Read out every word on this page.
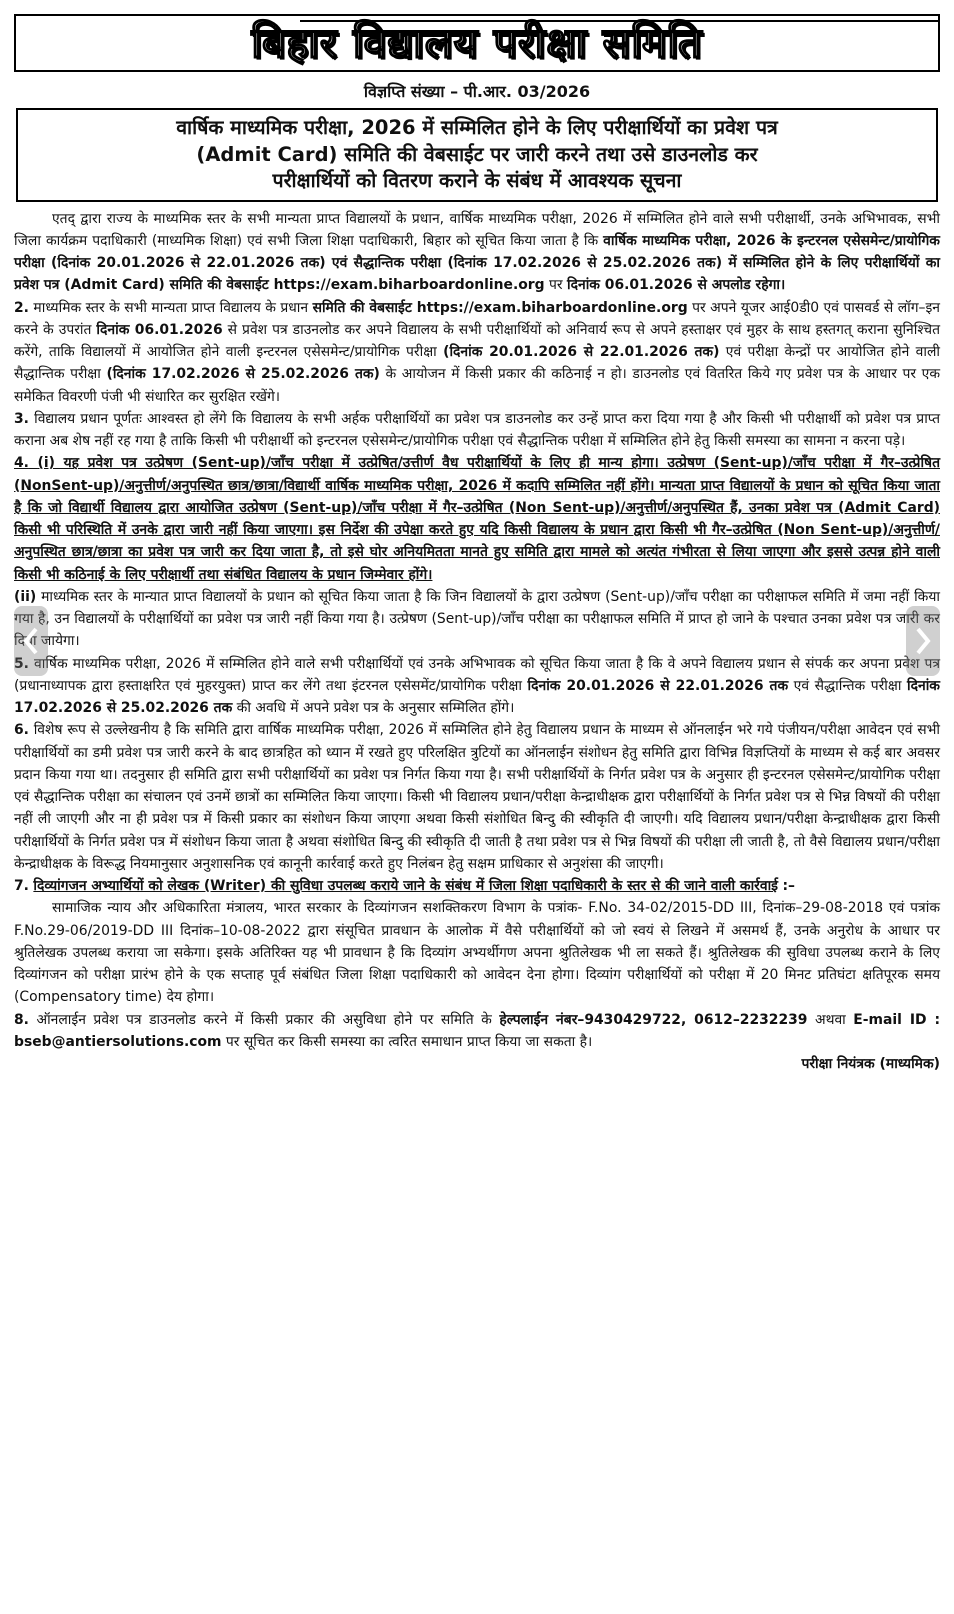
बिहार विद्यालय परीक्षा समिति
विज्ञप्ति संख्या – पी.आर. 03/2026
वार्षिक माध्यमिक परीक्षा, 2026 में सम्मिलित होने के लिए परीक्षार्थियों का प्रवेश पत्र
(Admit Card) समिति की वेबसाईट पर जारी करने तथा उसे डाउनलोड कर
परीक्षार्थियों को वितरण कराने के संबंध में आवश्यक सूचना

एतद् द्वारा राज्य के माध्यमिक स्तर के सभी मान्यता प्राप्त विद्यालयों के प्रधान, वार्षिक माध्यमिक परीक्षा, 2026 में सम्मिलित होने वाले सभी परीक्षार्थी, उनके अभिभावक, सभी जिला कार्यक्रम पदाधिकारी (माध्यमिक शिक्षा) एवं सभी जिला शिक्षा पदाधिकारी, बिहार को सूचित किया जाता है कि वार्षिक माध्यमिक परीक्षा, 2026 के इन्टरनल एसेसमेन्ट/प्रायोगिक परीक्षा (दिनांक 20.01.2026 से 22.01.2026 तक) एवं सैद्धान्तिक परीक्षा (दिनांक 17.02.2026 से 25.02.2026 तक) में सम्मिलित होने के लिए परीक्षार्थियों का प्रवेश पत्र (Admit Card) समिति की वेबसाईट https://exam.biharboardonline.org पर दिनांक 06.01.2026 से अपलोड रहेगा।

2. माध्यमिक स्तर के सभी मान्यता प्राप्त विद्यालय के प्रधान समिति की वेबसाईट https://exam.biharboardonline.org पर अपने यूजर आई0डी0 एवं पासवर्ड से लॉग–इन करने के उपरांत दिनांक 06.01.2026 से प्रवेश पत्र डाउनलोड कर अपने विद्यालय के सभी परीक्षार्थियों को अनिवार्य रूप से अपने हस्ताक्षर एवं मुहर के साथ हस्तगत् कराना सुनिश्चित करेंगे, ताकि विद्यालयों में आयोजित होने वाली इन्टरनल एसेसमेन्ट/प्रायोगिक परीक्षा (दिनांक 20.01.2026 से 22.01.2026 तक) एवं परीक्षा केन्द्रों पर आयोजित होने वाली सैद्धान्तिक परीक्षा (दिनांक 17.02.2026 से 25.02.2026 तक) के आयोजन में किसी प्रकार की कठिनाई न हो। डाउनलोड एवं वितरित किये गए प्रवेश पत्र के आधार पर एक समेकित विवरणी पंजी भी संधारित कर सुरक्षित रखेंगे।

3. विद्यालय प्रधान पूर्णतः आश्वस्त हो लेंगे कि विद्यालय के सभी अर्हक परीक्षार्थियों का प्रवेश पत्र डाउनलोड कर उन्हें प्राप्त करा दिया गया है और किसी भी परीक्षार्थी को प्रवेश पत्र प्राप्त कराना अब शेष नहीं रह गया है ताकि किसी भी परीक्षार्थी को इन्टरनल एसेसमेन्ट/प्रायोगिक परीक्षा एवं सैद्धान्तिक परीक्षा में सम्मिलित होने हेतु किसी समस्या का सामना न करना पड़े।

4. (i) यह प्रवेश पत्र उत्प्रेषण (Sent-up)/जाँच परीक्षा में उत्प्रेषित/उत्तीर्ण वैध परीक्षार्थियों के लिए ही मान्य होगा। उत्प्रेषण (Sent-up)/जाँच परीक्षा में गैर–उत्प्रेषित (NonSent-up)/अनुत्तीर्ण/अनुपस्थित छात्र/छात्रा/विद्यार्थी वार्षिक माध्यमिक परीक्षा, 2026 में कदापि सम्मिलित नहीं होंगे। मान्यता प्राप्त विद्यालयों के प्रधान को सूचित किया जाता है कि जो विद्यार्थी विद्यालय द्वारा आयोजित उत्प्रेषण (Sent-up)/जाँच परीक्षा में गैर–उत्प्रेषित (Non Sent-up)/अनुत्तीर्ण/अनुपस्थित हैं, उनका प्रवेश पत्र (Admit Card) किसी भी परिस्थिति में उनके द्वारा जारी नहीं किया जाएगा। इस निर्देश की उपेक्षा करते हुए यदि किसी विद्यालय के प्रधान द्वारा किसी भी गैर–उत्प्रेषित (Non Sent-up)/अनुत्तीर्ण/अनुपस्थित छात्र/छात्रा का प्रवेश पत्र जारी कर दिया जाता है, तो इसे घोर अनियमितता मानते हुए समिति द्वारा मामले को अत्यंत गंभीरता से लिया जाएगा और इससे उत्पन्न होने वाली किसी भी कठिनाई के लिए परीक्षार्थी तथा संबंधित विद्यालय के प्रधान जिम्मेवार होंगे।

(ii) माध्यमिक स्तर के मान्यात प्राप्त विद्यालयों के प्रधान को सूचित किया जाता है कि जिन विद्यालयों के द्वारा उत्प्रेषण (Sent-up)/जाँच परीक्षा का परीक्षाफल समिति में जमा नहीं किया गया है, उन विद्यालयों के परीक्षार्थियों का प्रवेश पत्र जारी नहीं किया गया है। उत्प्रेषण (Sent-up)/जाँच परीक्षा का परीक्षाफल समिति में प्राप्त हो जाने के पश्चात उनका प्रवेश पत्र जारी कर दिया जायेगा।

5. वार्षिक माध्यमिक परीक्षा, 2026 में सम्मिलित होने वाले सभी परीक्षार्थियों एवं उनके अभिभावक को सूचित किया जाता है कि वे अपने विद्यालय प्रधान से संपर्क कर अपना प्रवेश पत्र (प्रधानाध्यापक द्वारा हस्ताक्षरित एवं मुहरयुक्त) प्राप्त कर लेंगे तथा इंटरनल एसेसमेंट/प्रायोगिक परीक्षा दिनांक 20.01.2026 से 22.01.2026 तक एवं सैद्धान्तिक परीक्षा दिनांक 17.02.2026 से 25.02.2026 तक की अवधि में अपने प्रवेश पत्र के अनुसार सम्मिलित होंगे।

6. विशेष रूप से उल्लेखनीय है कि समिति द्वारा वार्षिक माध्यमिक परीक्षा, 2026 में सम्मिलित होने हेतु विद्यालय प्रधान के माध्यम से ऑनलाईन भरे गये पंजीयन/परीक्षा आवेदन एवं सभी परीक्षार्थियों का डमी प्रवेश पत्र जारी करने के बाद छात्रहित को ध्यान में रखते हुए परिलक्षित त्रुटियों का ऑनलाईन संशोधन हेतु समिति द्वारा विभिन्न विज्ञप्तियों के माध्यम से कई बार अवसर प्रदान किया गया था। तदनुसार ही समिति द्वारा सभी परीक्षार्थियों का प्रवेश पत्र निर्गत किया गया है। सभी परीक्षार्थियों के निर्गत प्रवेश पत्र के अनुसार ही इन्टरनल एसेसमेन्ट/प्रायोगिक परीक्षा एवं सैद्धान्तिक परीक्षा का संचालन एवं उनमें छात्रों का सम्मिलित किया जाएगा। किसी भी विद्यालय प्रधान/परीक्षा केन्द्राधीक्षक द्वारा परीक्षार्थियों के निर्गत प्रवेश पत्र से भिन्न विषयों की परीक्षा नहीं ली जाएगी और ना ही प्रवेश पत्र में किसी प्रकार का संशोधन किया जाएगा अथवा किसी संशोधित बिन्दु की स्वीकृति दी जाएगी। यदि विद्यालय प्रधान/परीक्षा केन्द्राधीक्षक द्वारा किसी परीक्षार्थियों के निर्गत प्रवेश पत्र में संशोधन किया जाता है अथवा संशोधित बिन्दु की स्वीकृति दी जाती है तथा प्रवेश पत्र से भिन्न विषयों की परीक्षा ली जाती है, तो वैसे विद्यालय प्रधान/परीक्षा केन्द्राधीक्षक के विरूद्ध नियमानुसार अनुशासनिक एवं कानूनी कार्रवाई करते हुए निलंबन हेतु सक्षम प्राधिकार से अनुशंसा की जाएगी।

7. दिव्यांगजन अभ्यार्थियों को लेखक (Writer) की सुविधा उपलब्ध कराये जाने के संबंध में जिला शिक्षा पदाधिकारी के स्तर से की जाने वाली कार्रवाई :–

सामाजिक न्याय और अधिकारिता मंत्रालय, भारत सरकार के दिव्यांगजन सशक्तिकरण विभाग के पत्रांक- F.No. 34-02/2015-DD III, दिनांक–29-08-2018 एवं पत्रांक F.No.29-06/2019-DD III दिनांक–10-08-2022 द्वारा संसूचित प्रावधान के आलोक में वैसे परीक्षार्थियों को जो स्वयं से लिखने में असमर्थ हैं, उनके अनुरोध के आधार पर श्रुतिलेखक उपलब्ध कराया जा सकेगा। इसके अतिरिक्त यह भी प्रावधान है कि दिव्यांग अभ्यर्थीगण अपना श्रुतिलेखक भी ला सकते हैं। श्रुतिलेखक की सुविधा उपलब्ध कराने के लिए दिव्यांगजन को परीक्षा प्रारंभ होने के एक सप्ताह पूर्व संबंधित जिला शिक्षा पदाधिकारी को आवेदन देना होगा। दिव्यांग परीक्षार्थियों को परीक्षा में 20 मिनट प्रतिघंटा क्षतिपूरक समय (Compensatory time) देय होगा।

8. ऑनलाईन प्रवेश पत्र डाउनलोड करने में किसी प्रकार की असुविधा होने पर समिति के हेल्पलाईन नंबर–9430429722, 0612–2232239 अथवा E-mail ID : bseb@antiersolutions.com पर सूचित कर किसी समस्या का त्वरित समाधान प्राप्त किया जा सकता है।

परीक्षा नियंत्रक (माध्यमिक)
